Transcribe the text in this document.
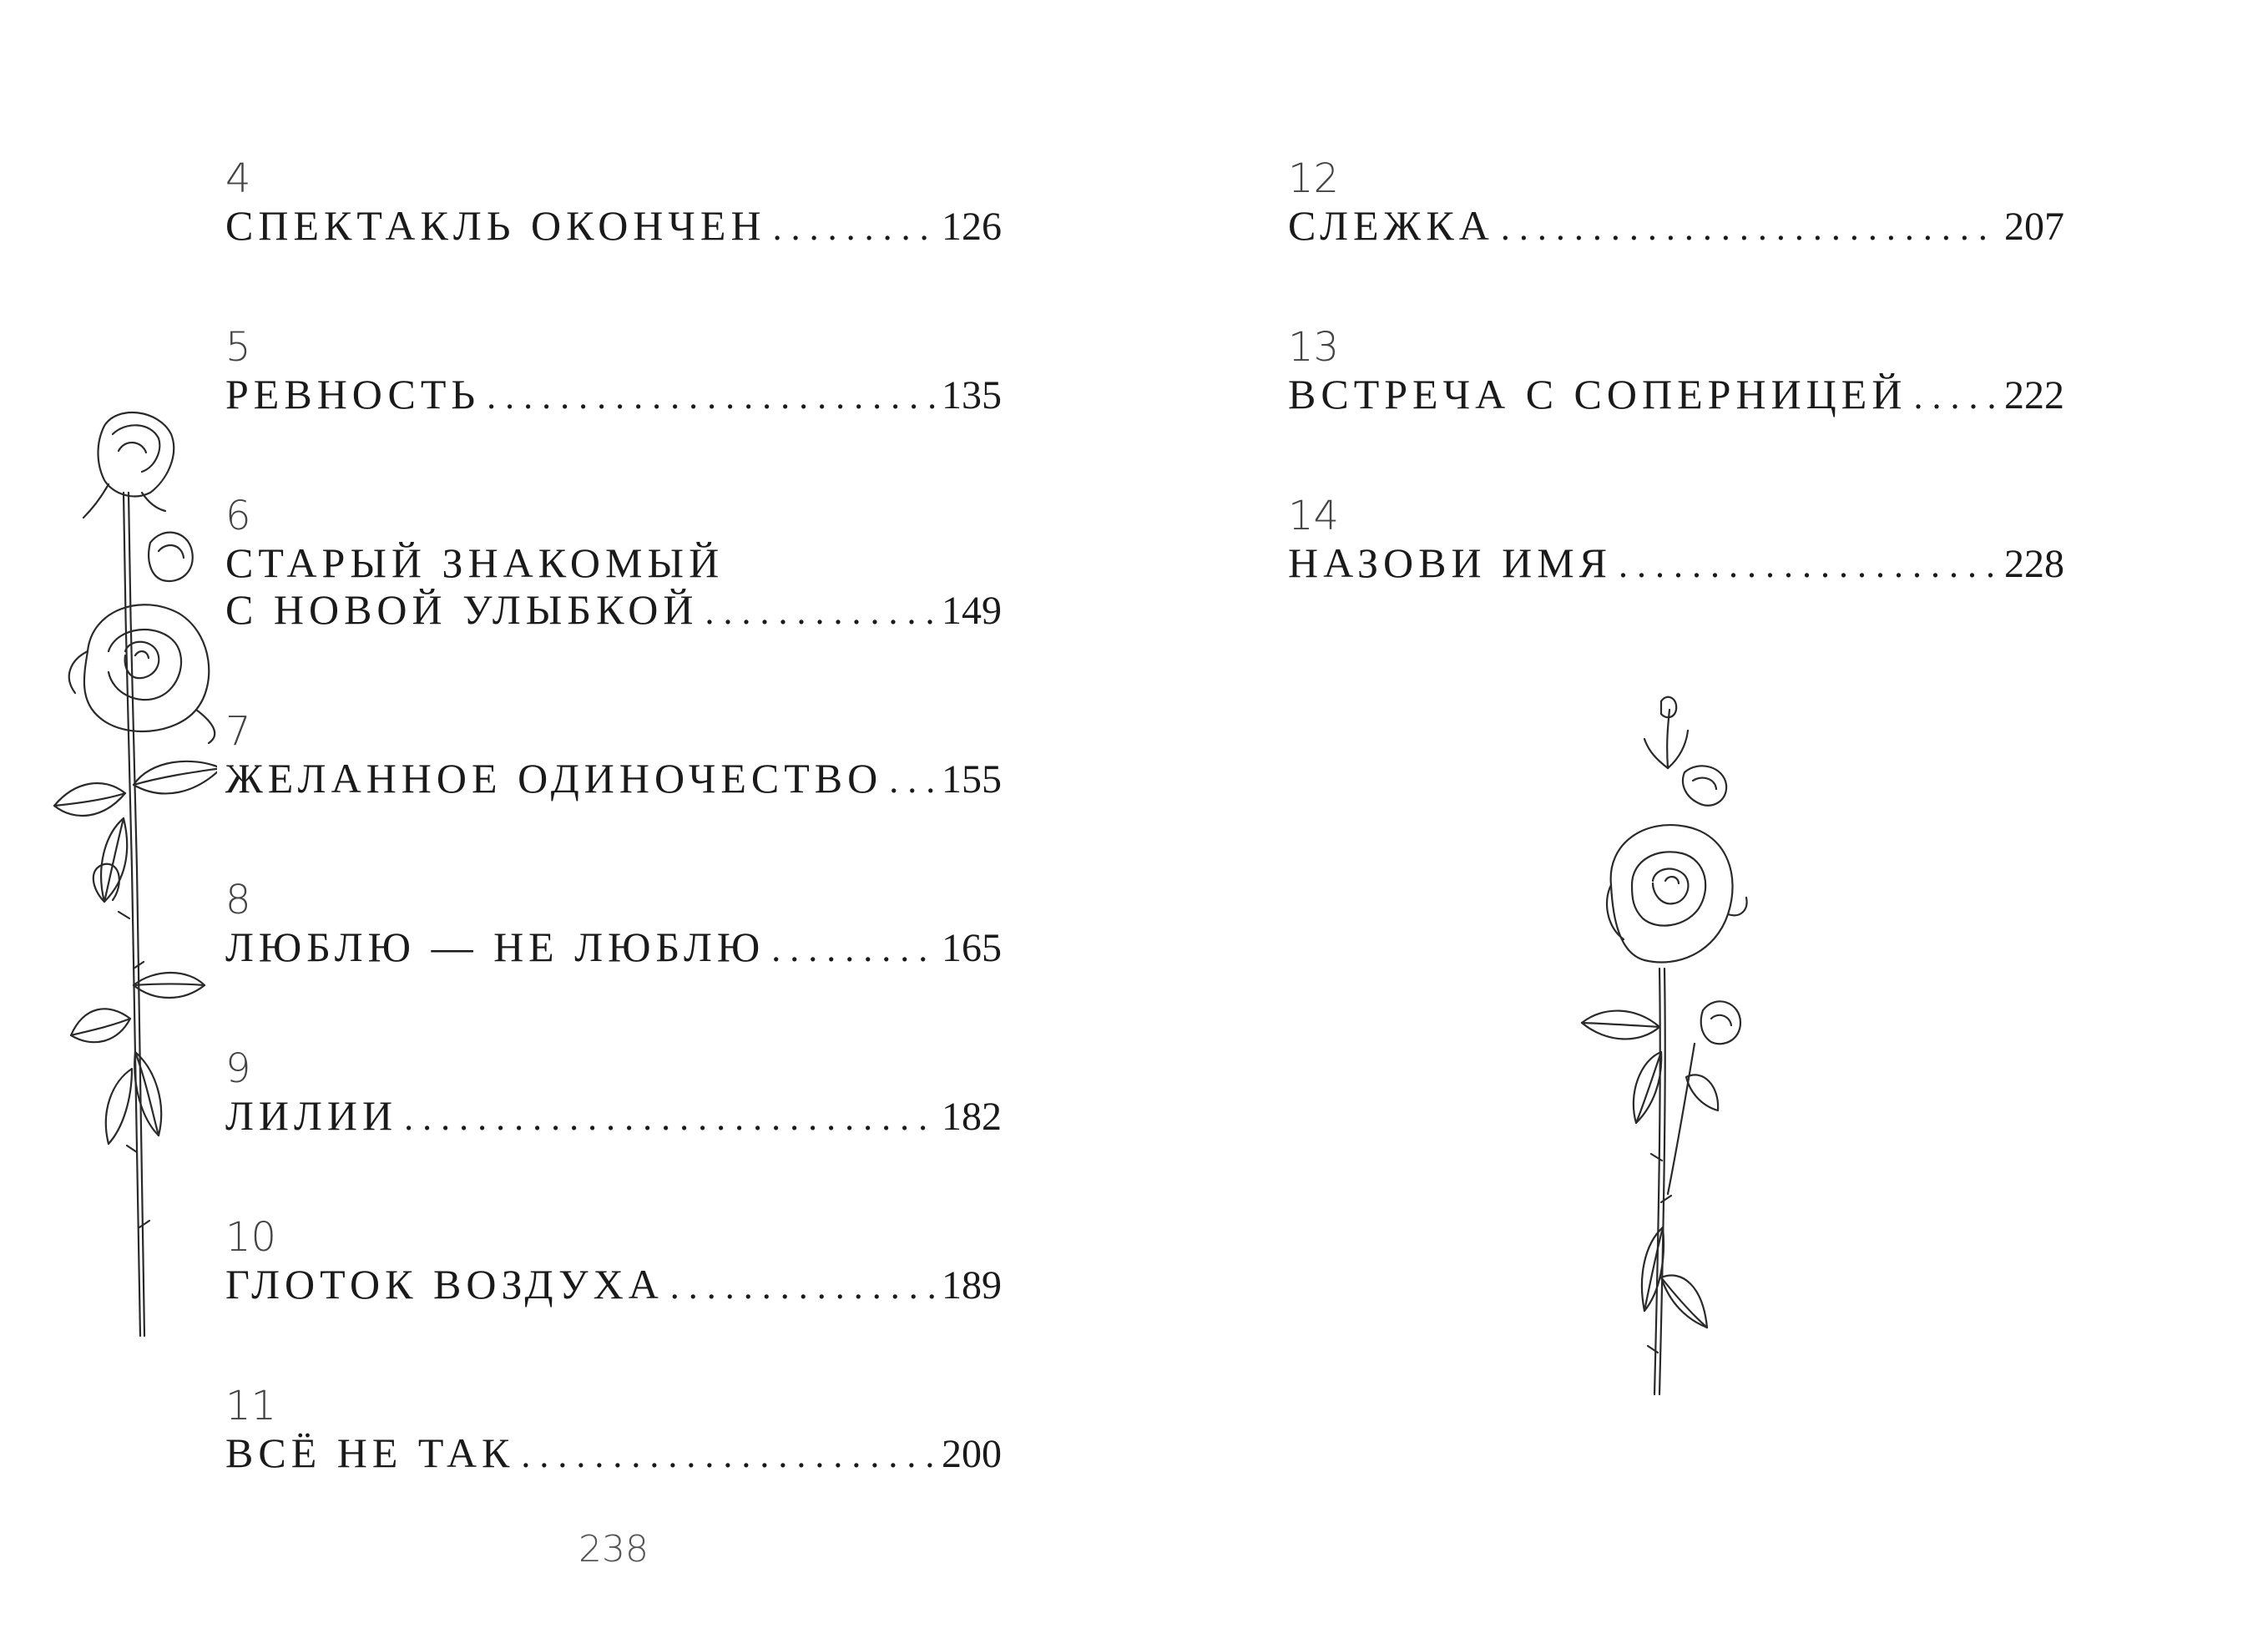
4
СПЕКТАКЛЬ ОКОНЧЕН . . .	126
5
РЕВНОСТЬ . . .	135
6
СТАРЫЙ ЗНАКОМЫЙ
С НОВОЙ УЛЫБКОЙ . . .	149
7
ЖЕЛАННОЕ ОДИНОЧЕСТВО . . . 155
8
ЛЮБЛЮ — НЕ ЛЮБЛЮ . . .	165
9
ЛИЛИИ . . .	182
10
ГЛОТОК ВОЗДУХА . . .	189
11
ВСЁ НЕ ТАК . . .	200
12
СЛЕЖКА . . .	207
13
ВСТРЕЧА С СОПЕРНИЦЕЙ . . . 222
14
НАЗОВИ ИМЯ . . .	228
238
